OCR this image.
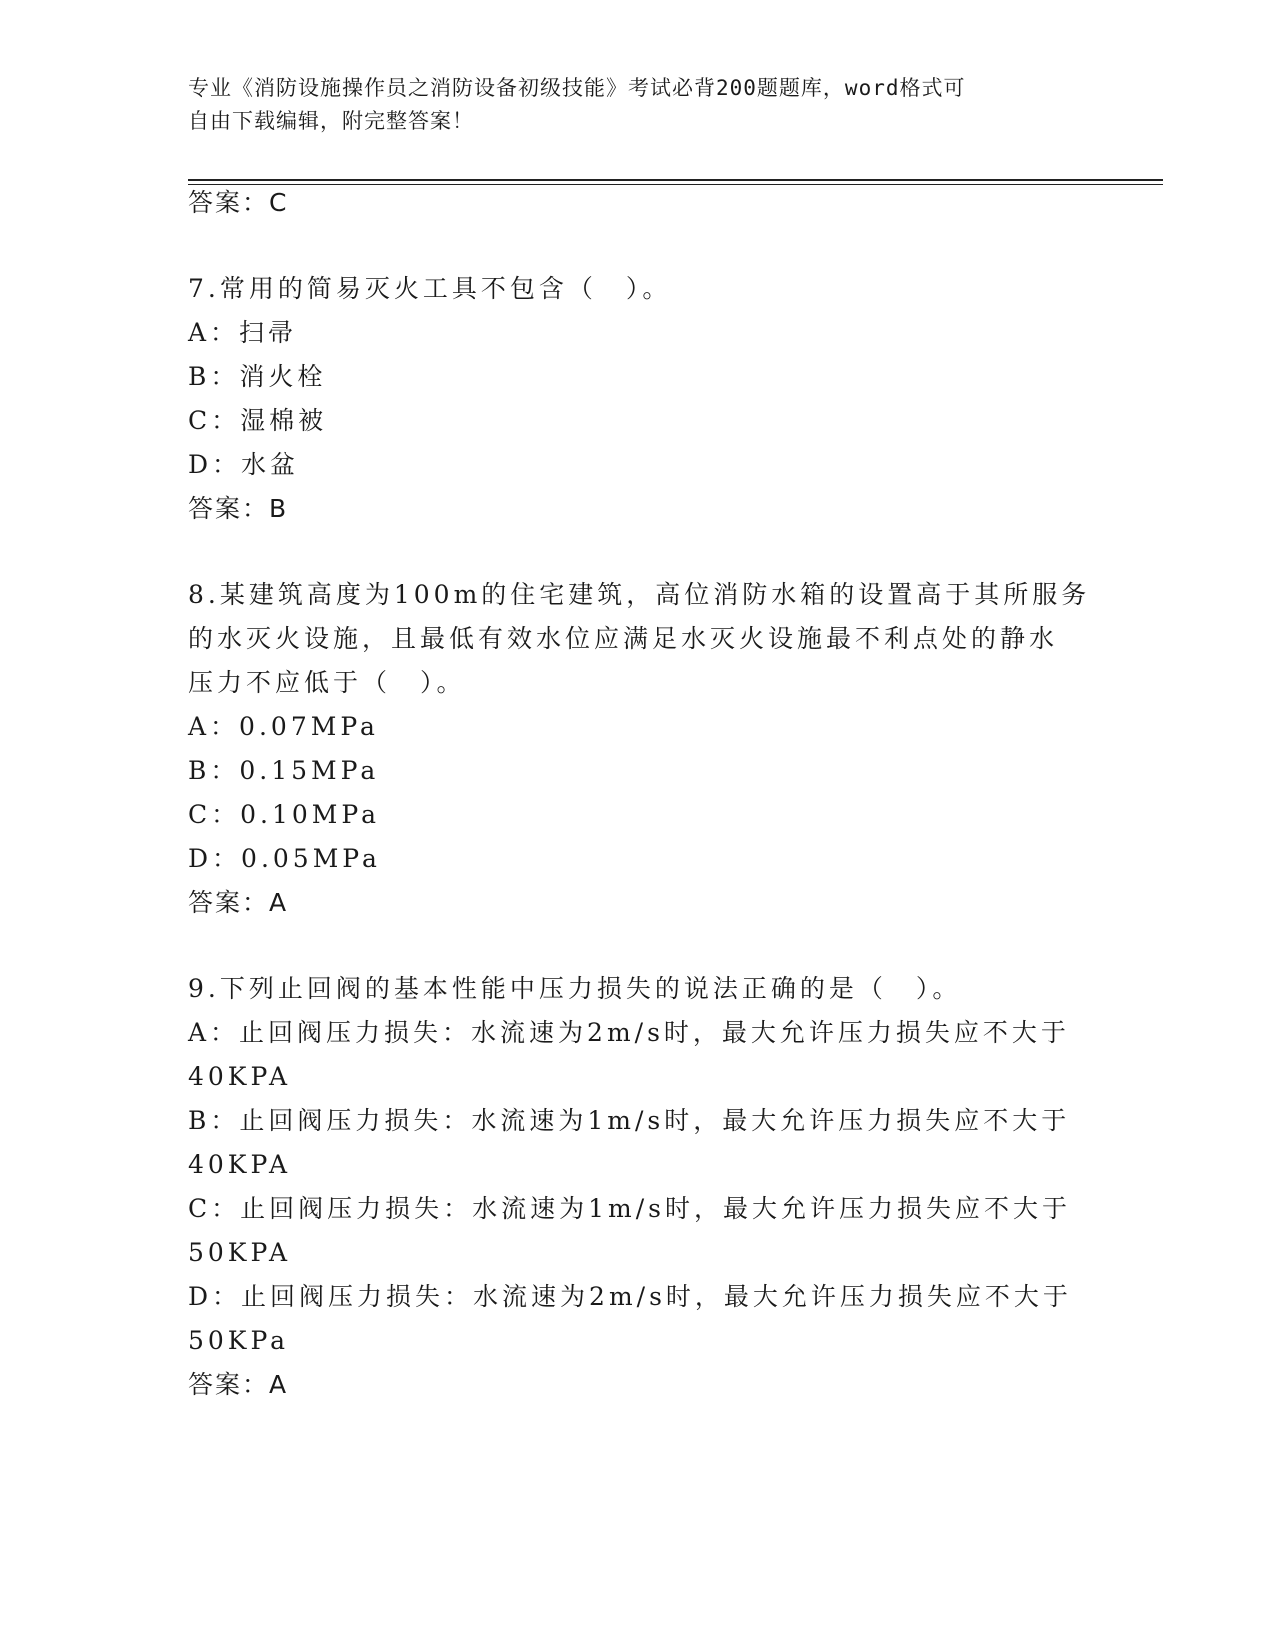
专业《消防设施操作员之消防设备初级技能》考试必背200题题库，word格式可
自由下载编辑，附完整答案！
答案：C
7.常用的简易灭火工具不包含（　）。
A：扫帚
B：消火栓
C：湿棉被
D：水盆
答案：B
8.某建筑高度为100m的住宅建筑，高位消防水箱的设置高于其所服务
的水灭火设施，且最低有效水位应满足水灭火设施最不利点处的静水
压力不应低于（　）。
A：0.07MPa
B：0.15MPa
C：0.10MPa
D：0.05MPa
答案：A
9.下列止回阀的基本性能中压力损失的说法正确的是（　）。
A：止回阀压力损失：水流速为2m/s时，最大允许压力损失应不大于
40KPA
B：止回阀压力损失：水流速为1m/s时，最大允许压力损失应不大于
40KPA
C：止回阀压力损失：水流速为1m/s时，最大允许压力损失应不大于
50KPA
D：止回阀压力损失：水流速为2m/s时，最大允许压力损失应不大于
50KPa
答案：A
